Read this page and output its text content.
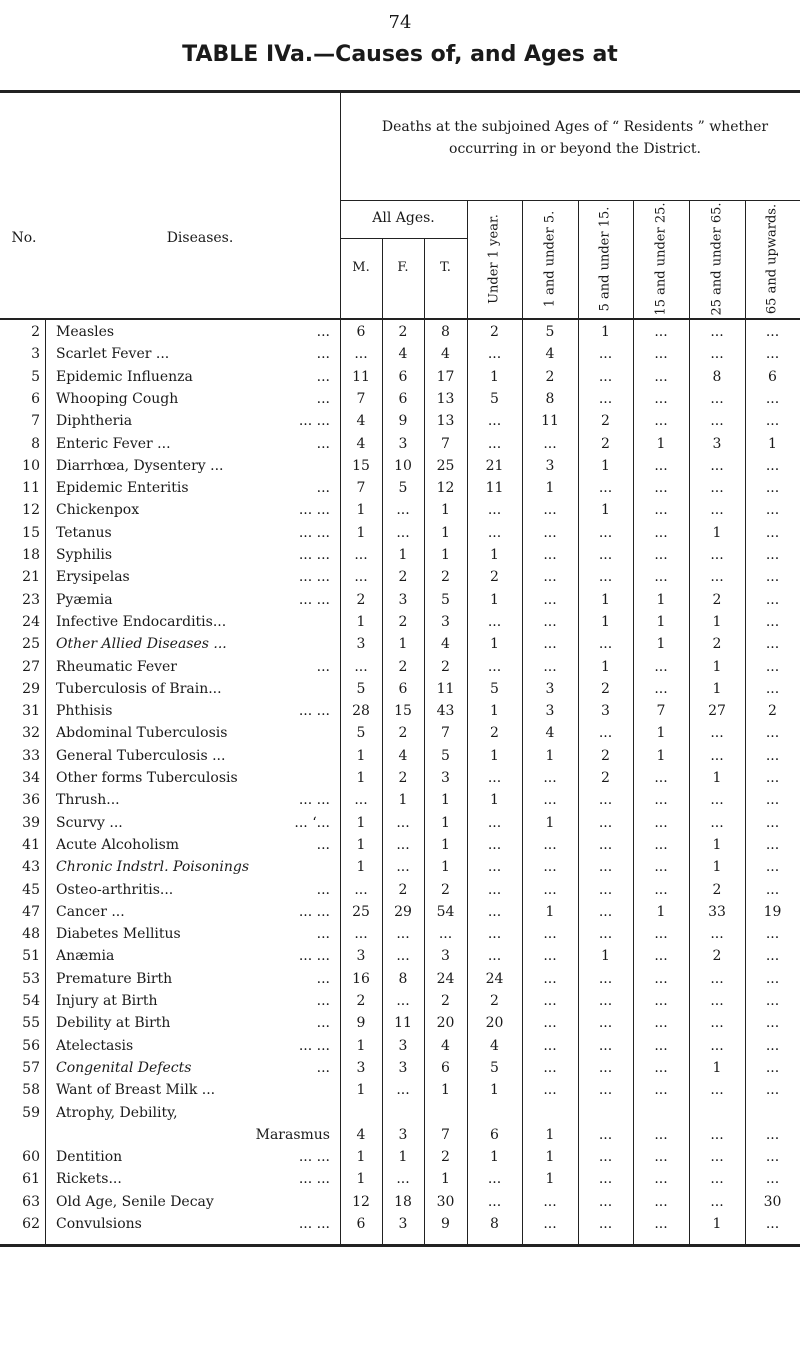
74
TABLE IVa.—Causes of, and Ages at
Deaths at the subjoined Ages of “ Residents ” whether occurring in or beyond the District.
No.	Diseases.
All Ages.
M.	F.	T.	Under 1 year.	1 and under 5.	5 and under 15.	15 and under 25.	25 and under 65.	65 and upwards.
2 Measles	...	6	2	8	2	5	1	...	...	...
3 Scarlet Fever ...	...	...	4	4	...	4	...	...	...	...
5 Epidemic Influenza	...	11	6	17	1	2	...	...	8	6
6 Whooping Cough	...	7	6	13	5	8	...	...	...	...
7 Diphtheria	... ...	4	9	13	...	11	2	...	...	...
8 Enteric Fever ...	...	4	3	7	...	...	2	1	3	1
10 Diarrhœa, Dysentery ...	15	10	25	21	3	1	...	...	...
11 Epidemic Enteritis	...	7	5	12	11	1	...	...	...	...
12 Chickenpox	... ...	1	...	1	...	...	1	...	...	...
15 Tetanus	... ...	1	...	1	...	...	...	...	1	...
18 Syphilis	... ...	...	1	1	1	...	...	...	...	...
21 Erysipelas	... ...	...	2	2	2	...	...	...	...	...
23 Pyæmia	... ...	2	3	5	1	...	1	1	2	...
24 Infective Endocarditis...	1	2	3	...	...	1	1	1	...
25 Other Allied Diseases ...	3	1	4	1	...	...	1	2	...
27 Rheumatic Fever	...	...	2	2	...	...	1	...	1	...
29 Tuberculosis of Brain...	5	6	11	5	3	2	...	1	...
31 Phthisis	... ...	28	15	43	1	3	3	7	27	2
32 Abdominal Tuberculosis	5	2	7	2	4	...	1	...	...
33 General Tuberculosis ...	1	4	5	1	1	2	1	...	...
34 Other forms Tuberculosis	1	2	3	...	...	2	...	1	...
36 Thrush...	... ...	...	1	1	1	...	...	...	...	...
39 Scurvy ...	... ‘...	1	...	1	...	1	...	...	...	...
41 Acute Alcoholism	...	1	...	1	...	...	...	...	1	...
43 Chronic Indstrl. Poisonings	1	...	1	...	...	...	...	1	...
45 Osteo-arthritis...	...	...	2	2	...	...	...	...	2	...
47 Cancer ...	... ...	25	29	54	...	1	...	1	33	19
48 Diabetes Mellitus	...	...	...	...	...	...	...	...	...	...
51 Anæmia	... ...	3	...	3	...	...	1	...	2	...
53 Premature Birth	...	16	8	24	24	...	...	...	...	...
54 Injury at Birth	...	2	...	2	2	...	...	...	...	...
55 Debility at Birth	...	9	11	20	20	...	...	...	...	...
56 Atelectasis	... ...	1	3	4	4	...	...	...	...	...
57 Congenital Defects	...	3	3	6	5	...	...	...	1	...
58 Want of Breast Milk ...	1	...	1	1	...	...	...	...	...
59 Atrophy, Debility,
Marasmus	4	3	7	6	1	...	...	...	...
60 Dentition	... ...	1	1	2	1	1	...	...	...	...
61 Rickets...	... ...	1	...	1	...	1	...	...	...	...
63 Old Age, Senile Decay	12	18	30	...	...	...	...	...	30
62 Convulsions	... ...	6	3	9	8	...	...	...	1	...
